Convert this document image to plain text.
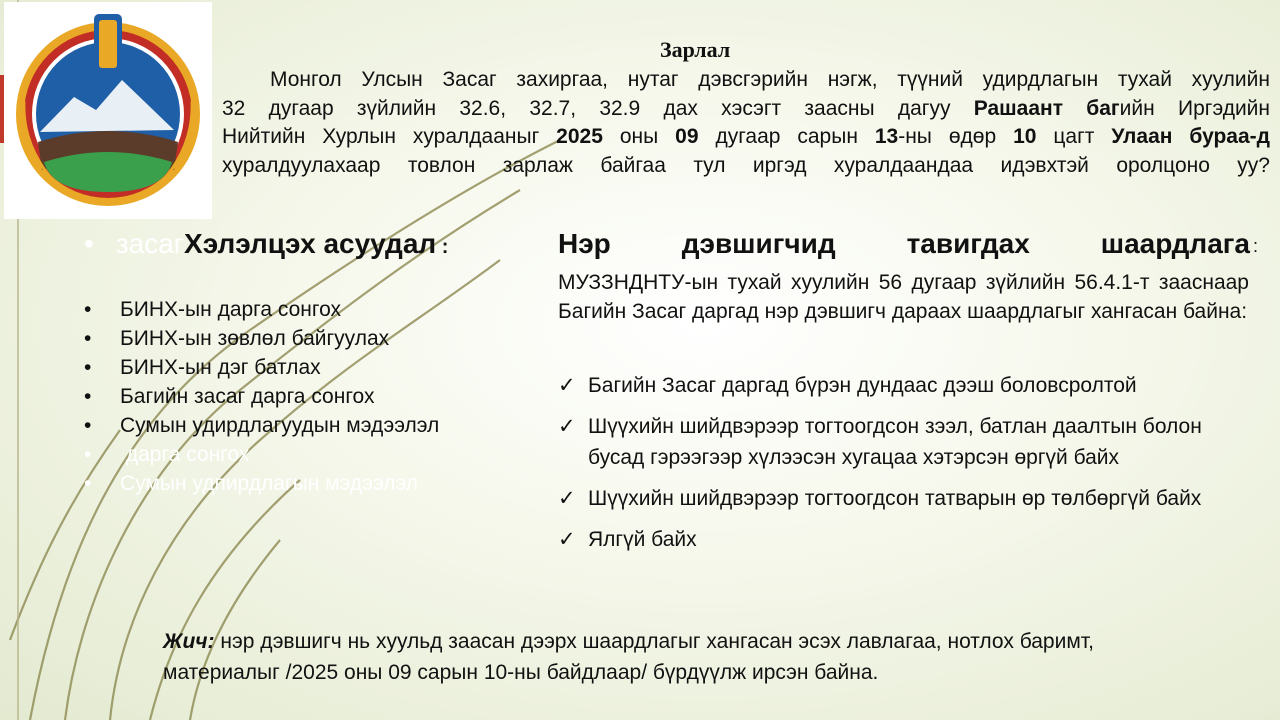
Зарлал
Монгол Улсын Засаг захиргаа, нутаг дэвсгэрийн нэгж, түүний удирдлагын тухай хуулийн
32 дугаар зүйлийн 32.6, 32.7, 32.9 дах хэсэгт заасны дагуу Рашаант багийн Иргэдийн
Нийтийн Хурлын хуралдааныг 2025 оны 09 дугаар сарын 13-ны өдөр 10 цагт Улаан бураа-д
хуралдуулахаар товлон зарлаж байгаа тул иргэд хуралдаандаа идэвхтэй оролцоно уу?
• засагХэлэлцэх асуудал :
• БИНХ-ын дарга сонгох
• БИНХ-ын зөвлөл байгуулах
• БИНХ-ын дэг батлах
• Багийн засаг дарга сонгох
• Сумын удирдлагуудын мэдээлэл
• дарга сонгох
• Сумын удпирдлагын мэдээлэл
Нэр дэвшигчид тавигдах шаардлага :
МУЗЗНДНТУ-ын тухай хуулийн 56 дугаар зүйлийн 56.4.1-т зааснаар Багийн Засаг даргад нэр дэвшигч дараах шаардлагыг хангасан байна:
✓ Багийн Засаг даргад бүрэн дундаас дээш боловсролтой
✓ Шүүхийн шийдвэрээр тогтоогдсон зээл, батлан даалтын болон бусад гэрээгээр хүлээсэн хугацаа хэтэрсэн өргүй байх
✓ Шүүхийн шийдвэрээр тогтоогдсон татварын өр төлбөргүй байх
✓ Ялгүй байх
Жич: нэр дэвшигч нь хуульд заасан дээрх шаардлагыг хангасан эсэх лавлагаа, нотлох баримт, материалыг /2025 оны 09 сарын 10-ны байдлаар/ бүрдүүлж ирсэн байна.
